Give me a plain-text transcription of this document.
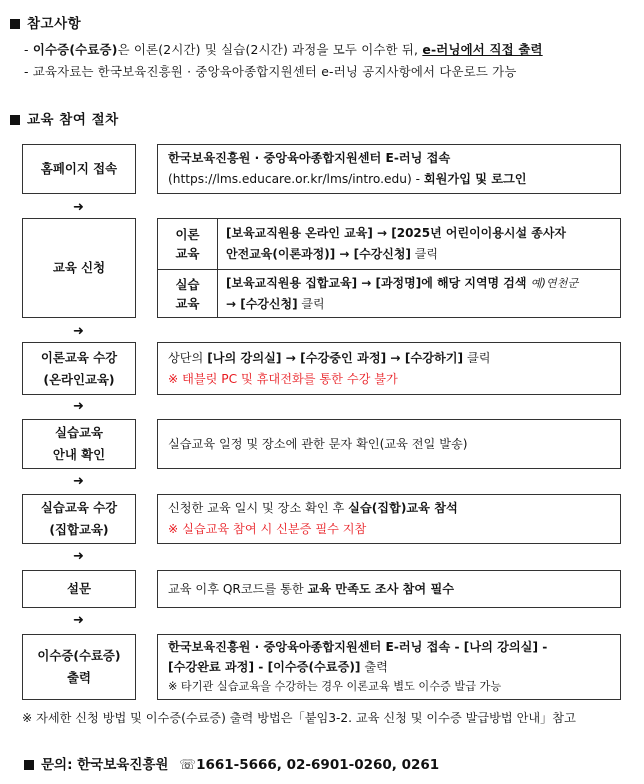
참고사항
- 이수증(수료증)은 이론(2시간) 및 실습(2시간) 과정을 모두 이수한 뒤, e-러닝에서 직접 출력
- 교육자료는 한국보육진흥원 · 중앙육아종합지원센터 e-러닝 공지사항에서 다운로드 가능
교육 참여 절차
홈페이지 접속
한국보육진흥원 · 중앙육아종합지원센터 E-러닝 접속
(https://lms.educare.or.kr/lms/intro.edu) - 회원가입 및 로그인
➜
교육 신청
이론 교육
[보육교직원용 온라인 교육] → [2025년 어린이이용시설 종사자
안전교육(이론과정)] → [수강신청] 클릭
실습 교육
[보육교직원용 집합교육] → [과정명]에 해당 지역명 검색 예)연천군
→ [수강신청] 클릭
➜
이론교육 수강
(온라인교육)
상단의 [나의 강의실] → [수강중인 과정] → [수강하기] 클릭
※ 태블릿 PC 및 휴대전화를 통한 수강 불가
➜
실습교육
안내 확인
실습교육 일정 및 장소에 관한 문자 확인(교육 전일 발송)
➜
실습교육 수강
(집합교육)
신청한 교육 일시 및 장소 확인 후 실습(집합)교육 참석
※ 실습교육 참여 시 신분증 필수 지참
➜
설문	교육 이후 QR코드를 통한 교육 만족도 조사 참여 필수
➜
이수증(수료증)
출력
한국보육진흥원 · 중앙육아종합지원센터 E-러닝 접속 - [나의 강의실] -
[수강완료 과정] - [이수증(수료증)] 출력
※ 타기관 실습교육을 수강하는 경우 이론교육 별도 이수증 발급 가능
※ 자세한 신청 방법 및 이수증(수료증) 출력 방법은「붙임3-2. 교육 신청 및 이수증 발급방법 안내」참고
문의: 한국보육진흥원 ☏1661-5666, 02-6901-0260, 0261
